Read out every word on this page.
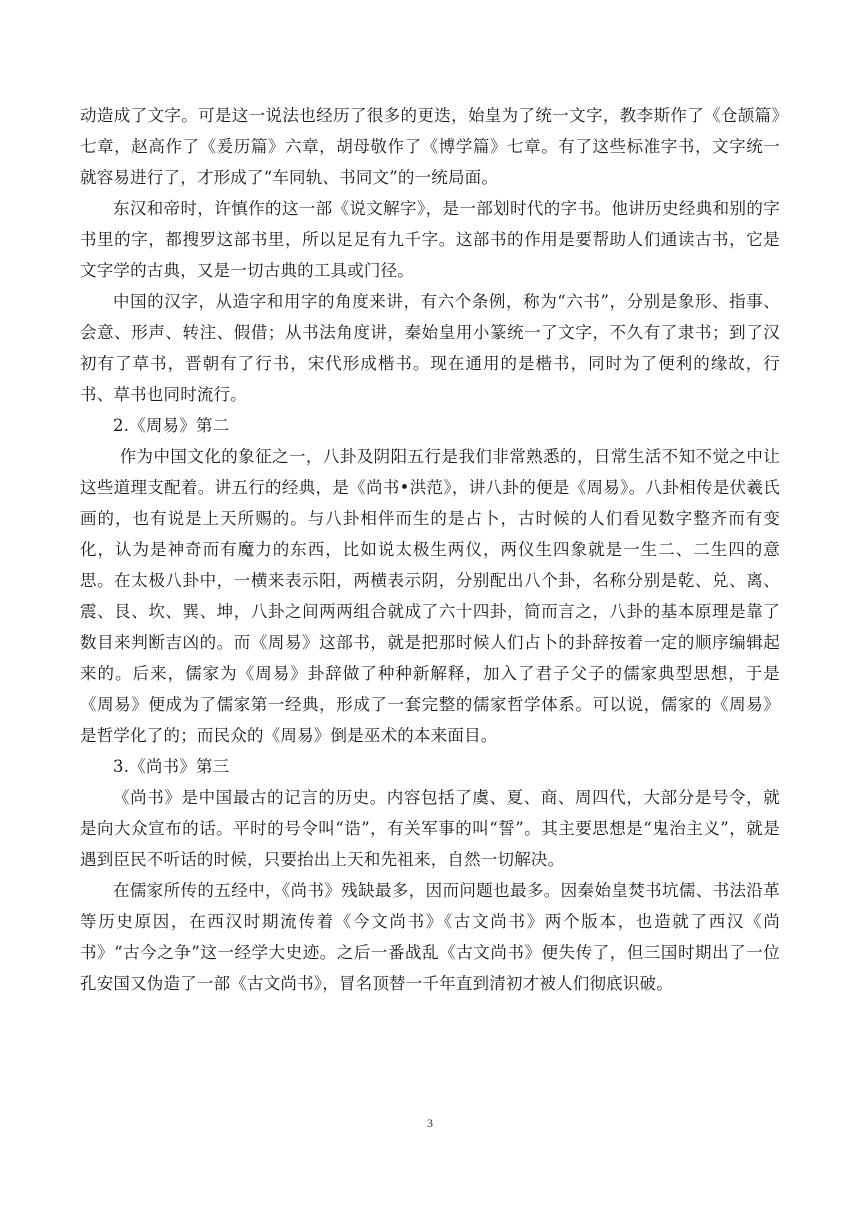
动造成了文字。可是这一说法也经历了很多的更迭，始皇为了统一文字，教李斯作了《仓颉篇》七章，赵高作了《爰历篇》六章，胡母敬作了《博学篇》七章。有了这些标准字书，文字统一就容易进行了，才形成了“车同轨、书同文”的一统局面。

东汉和帝时，许慎作的这一部《说文解字》，是一部划时代的字书。他讲历史经典和别的字书里的字，都搜罗这部书里，所以足足有九千字。这部书的作用是要帮助人们通读古书，它是文字学的古典，又是一切古典的工具或门径。

中国的汉字，从造字和用字的角度来讲，有六个条例，称为“六书”，分别是象形、指事、会意、形声、转注、假借；从书法角度讲，秦始皇用小篆统一了文字，不久有了隶书；到了汉初有了草书，晋朝有了行书，宋代形成楷书。现在通用的是楷书，同时为了便利的缘故，行书、草书也同时流行。

2.《周易》第二

作为中国文化的象征之一，八卦及阴阳五行是我们非常熟悉的，日常生活不知不觉之中让这些道理支配着。讲五行的经典，是《尚书•洪范》，讲八卦的便是《周易》。八卦相传是伏羲氏画的，也有说是上天所赐的。与八卦相伴而生的是占卜，古时候的人们看见数字整齐而有变化，认为是神奇而有魔力的东西，比如说太极生两仪，两仪生四象就是一生二、二生四的意思。在太极八卦中，一横来表示阳，两横表示阴，分别配出八个卦，名称分别是乾、兑、离、震、艮、坎、巽、坤，八卦之间两两组合就成了六十四卦，简而言之，八卦的基本原理是靠了数目来判断吉凶的。而《周易》这部书，就是把那时候人们占卜的卦辞按着一定的顺序编辑起来的。后来，儒家为《周易》卦辞做了种种新解释，加入了君子父子的儒家典型思想，于是《周易》便成为了儒家第一经典，形成了一套完整的儒家哲学体系。可以说，儒家的《周易》是哲学化了的；而民众的《周易》倒是巫术的本来面目。

3.《尚书》第三

《尚书》是中国最古的记言的历史。内容包括了虞、夏、商、周四代，大部分是号令，就是向大众宣布的话。平时的号令叫“诰”，有关军事的叫“誓”。其主要思想是“鬼治主义”，就是遇到臣民不听话的时候，只要抬出上天和先祖来，自然一切解决。

在儒家所传的五经中，《尚书》残缺最多，因而问题也最多。因秦始皇焚书坑儒、书法沿革等历史原因，在西汉时期流传着《今文尚书》《古文尚书》两个版本，也造就了西汉《尚书》“古今之争”这一经学大史迹。之后一番战乱《古文尚书》便失传了，但三国时期出了一位孔安国又伪造了一部《古文尚书》，冒名顶替一千年直到清初才被人们彻底识破。

3
